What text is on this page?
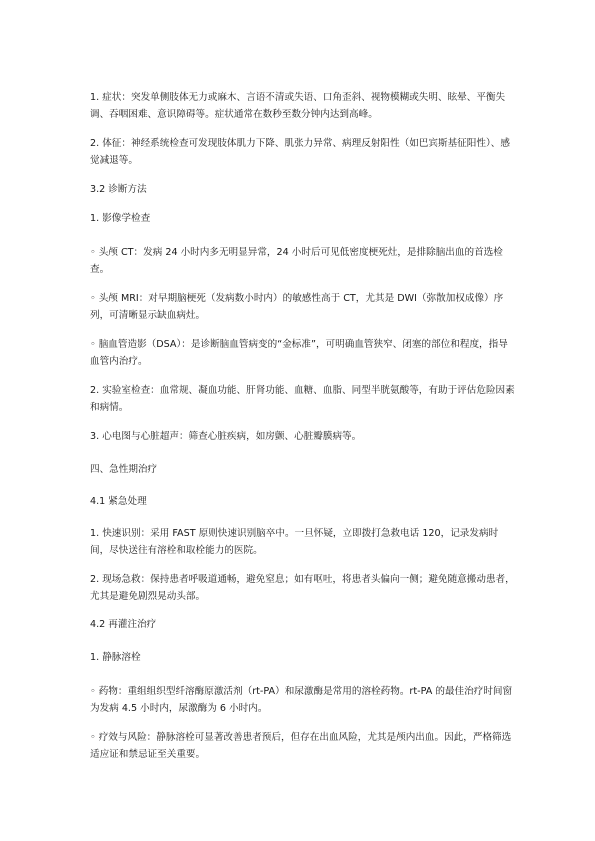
1. 症状：突发单侧肢体无力或麻木、言语不清或失语、口角歪斜、视物模糊或失明、眩晕、平衡失调、吞咽困难、意识障碍等。症状通常在数秒至数分钟内达到高峰。

2. 体征：神经系统检查可发现肢体肌力下降、肌张力异常、病理反射阳性（如巴宾斯基征阳性）、感觉减退等。

3.2 诊断方法

1. 影像学检查

◦ 头颅 CT：发病 24 小时内多无明显异常，24 小时后可见低密度梗死灶，是排除脑出血的首选检查。

◦ 头颅 MRI：对早期脑梗死（发病数小时内）的敏感性高于 CT，尤其是 DWI（弥散加权成像）序列，可清晰显示缺血病灶。

◦ 脑血管造影（DSA）：是诊断脑血管病变的“金标准”，可明确血管狭窄、闭塞的部位和程度，指导血管内治疗。

2. 实验室检查：血常规、凝血功能、肝肾功能、血糖、血脂、同型半胱氨酸等，有助于评估危险因素和病情。

3. 心电图与心脏超声：筛查心脏疾病，如房颤、心脏瓣膜病等。

四、急性期治疗

4.1 紧急处理

1. 快速识别：采用 FAST 原则快速识别脑卒中。一旦怀疑，立即拨打急救电话 120，记录发病时间，尽快送往有溶栓和取栓能力的医院。

2. 现场急救：保持患者呼吸道通畅，避免窒息；如有呕吐，将患者头偏向一侧；避免随意搬动患者，尤其是避免剧烈晃动头部。

4.2 再灌注治疗

1. 静脉溶栓

◦ 药物：重组组织型纤溶酶原激活剂（rt-PA）和尿激酶是常用的溶栓药物。rt-PA 的最佳治疗时间窗为发病 4.5 小时内，尿激酶为 6 小时内。

◦ 疗效与风险：静脉溶栓可显著改善患者预后，但存在出血风险，尤其是颅内出血。因此，严格筛选适应证和禁忌证至关重要。
